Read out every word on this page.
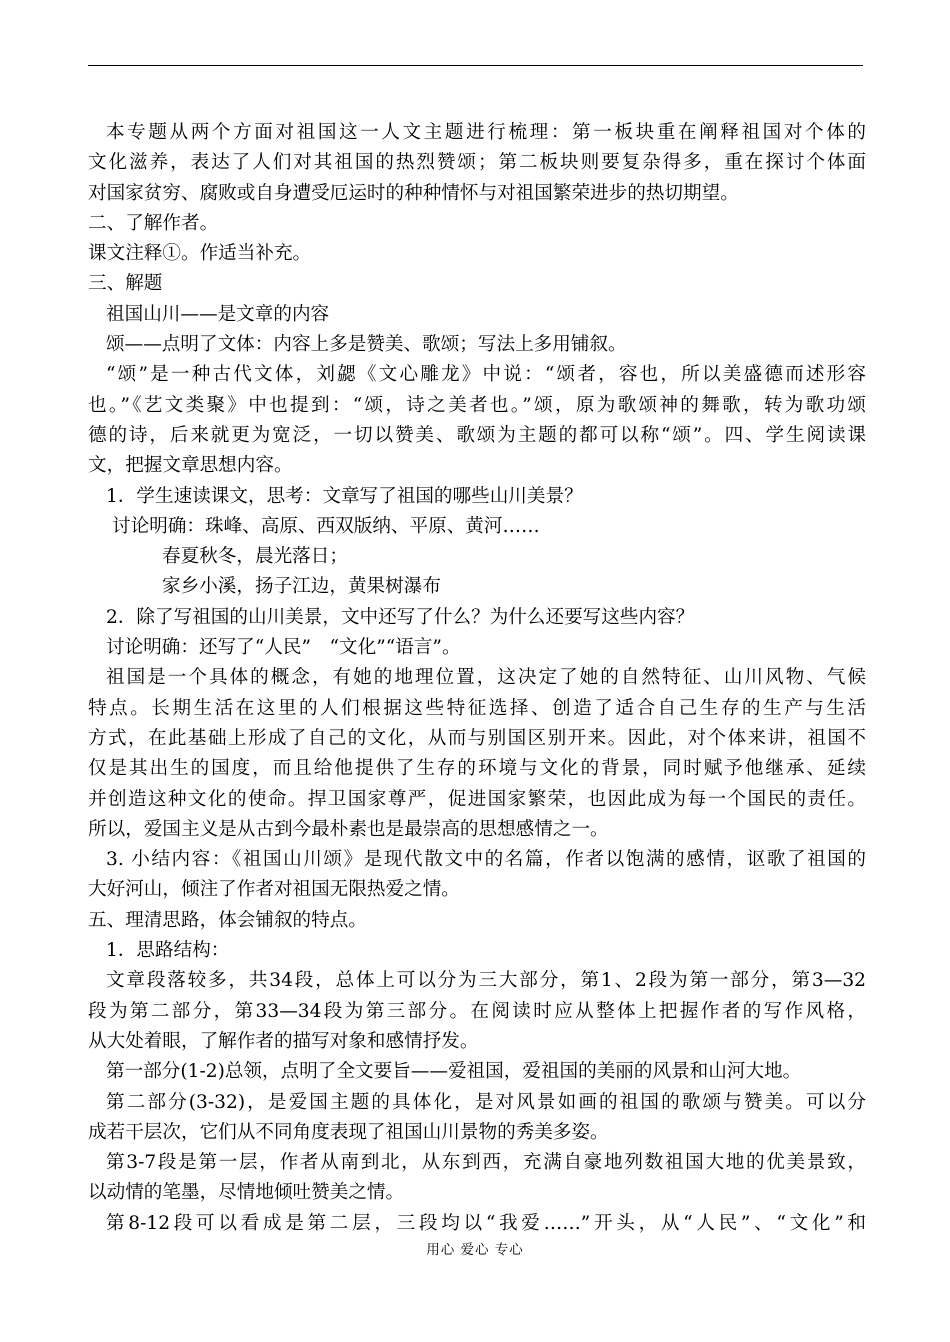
本专题从两个方面对祖国这一人文主题进行梳理：第一板块重在阐释祖国对个体的
文化滋养，表达了人们对其祖国的热烈赞颂；第二板块则要复杂得多，重在探讨个体面
对国家贫穷、腐败或自身遭受厄运时的种种情怀与对祖国繁荣进步的热切期望。
二、了解作者。
课文注释①。作适当补充。
三、解题
祖国山川——是文章的内容
颂——点明了文体：内容上多是赞美、歌颂；写法上多用铺叙。
“颂”是一种古代文体，刘勰《文心雕龙》中说：“颂者，容也，所以美盛德而述形容
也。”《艺文类聚》中也提到：“颂，诗之美者也。”颂，原为歌颂神的舞歌，转为歌功颂
德的诗，后来就更为宽泛，一切以赞美、歌颂为主题的都可以称“颂”。四、学生阅读课
文，把握文章思想内容。
1．学生速读课文，思考：文章写了祖国的哪些山川美景？
讨论明确：珠峰、高原、西双版纳、平原、黄河……
春夏秋冬，晨光落日；
家乡小溪，扬子江边，黄果树瀑布
2．除了写祖国的山川美景，文中还写了什么？为什么还要写这些内容？
讨论明确：还写了“人民”　“文化”“语言”。
祖国是一个具体的概念，有她的地理位置，这决定了她的自然特征、山川风物、气候
特点。长期生活在这里的人们根据这些特征选择、创造了适合自己生存的生产与生活
方式，在此基础上形成了自己的文化，从而与别国区别开来。因此，对个体来讲，祖国不
仅是其出生的国度，而且给他提供了生存的环境与文化的背景，同时赋予他继承、延续
并创造这种文化的使命。捍卫国家尊严，促进国家繁荣，也因此成为每一个国民的责任。
所以，爱国主义是从古到今最朴素也是最崇高的思想感情之一。
3. 小结内容：《祖国山川颂》是现代散文中的名篇，作者以饱满的感情，讴歌了祖国的
大好河山，倾注了作者对祖国无限热爱之情。
五、理清思路，体会铺叙的特点。
1．思路结构：
文章段落较多，共34段，总体上可以分为三大部分，第1、2段为第一部分，第3—32
段为第二部分，第33—34段为第三部分。在阅读时应从整体上把握作者的写作风格，
从大处着眼，了解作者的描写对象和感情抒发。
第一部分(1-2)总领，点明了全文要旨——爱祖国，爱祖国的美丽的风景和山河大地。
第二部分(3-32)，是爱国主题的具体化，是对风景如画的祖国的歌颂与赞美。可以分
成若干层次，它们从不同角度表现了祖国山川景物的秀美多姿。
第3-7段是第一层，作者从南到北，从东到西，充满自豪地列数祖国大地的优美景致，
以动情的笔墨，尽情地倾吐赞美之情。
第8-12段可以看成是第二层，三段均以“我爱……”开头，从“人民”、“文化”和
用心 爱心 专心
